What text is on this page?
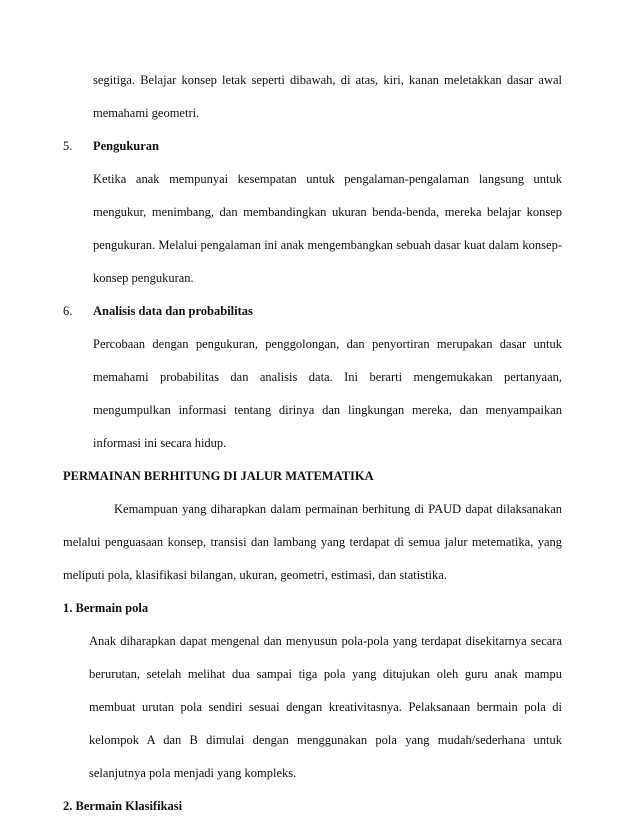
segitiga. Belajar konsep letak seperti dibawah, di atas, kiri, kanan meletakkan dasar awal
memahami geometri.
5. Pengukuran
Ketika anak mempunyai kesempatan untuk pengalaman-pengalaman langsung untuk
mengukur, menimbang, dan membandingkan ukuran benda-benda, mereka belajar konsep
pengukuran. Melalui pengalaman ini anak mengembangkan sebuah dasar kuat dalam konsep-
konsep pengukuran.
6. Analisis data dan probabilitas
Percobaan dengan pengukuran, penggolongan, dan penyortiran merupakan dasar untuk
memahami probabilitas dan analisis data. Ini berarti mengemukakan pertanyaan,
mengumpulkan informasi tentang dirinya dan lingkungan mereka, dan menyampaikan
informasi ini secara hidup.
PERMAINAN BERHITUNG DI JALUR MATEMATIKA
Kemampuan yang diharapkan dalam permainan berhitung di PAUD dapat dilaksanakan
melalui penguasaan konsep, transisi dan lambang yang terdapat di semua jalur metematika, yang
meliputi pola, klasifikasi bilangan, ukuran, geometri, estimasi, dan statistika.
1. Bermain pola
Anak diharapkan dapat mengenal dan menyusun pola-pola yang terdapat disekitarnya secara
berurutan, setelah melihat dua sampai tiga pola yang ditujukan oleh guru anak mampu
membuat urutan pola sendiri sesuai dengan kreativitasnya. Pelaksanaan bermain pola di
kelompok A dan B dimulai dengan menggunakan pola yang mudah/sederhana untuk
selanjutnya pola menjadi yang kompleks.
2. Bermain Klasifikasi
